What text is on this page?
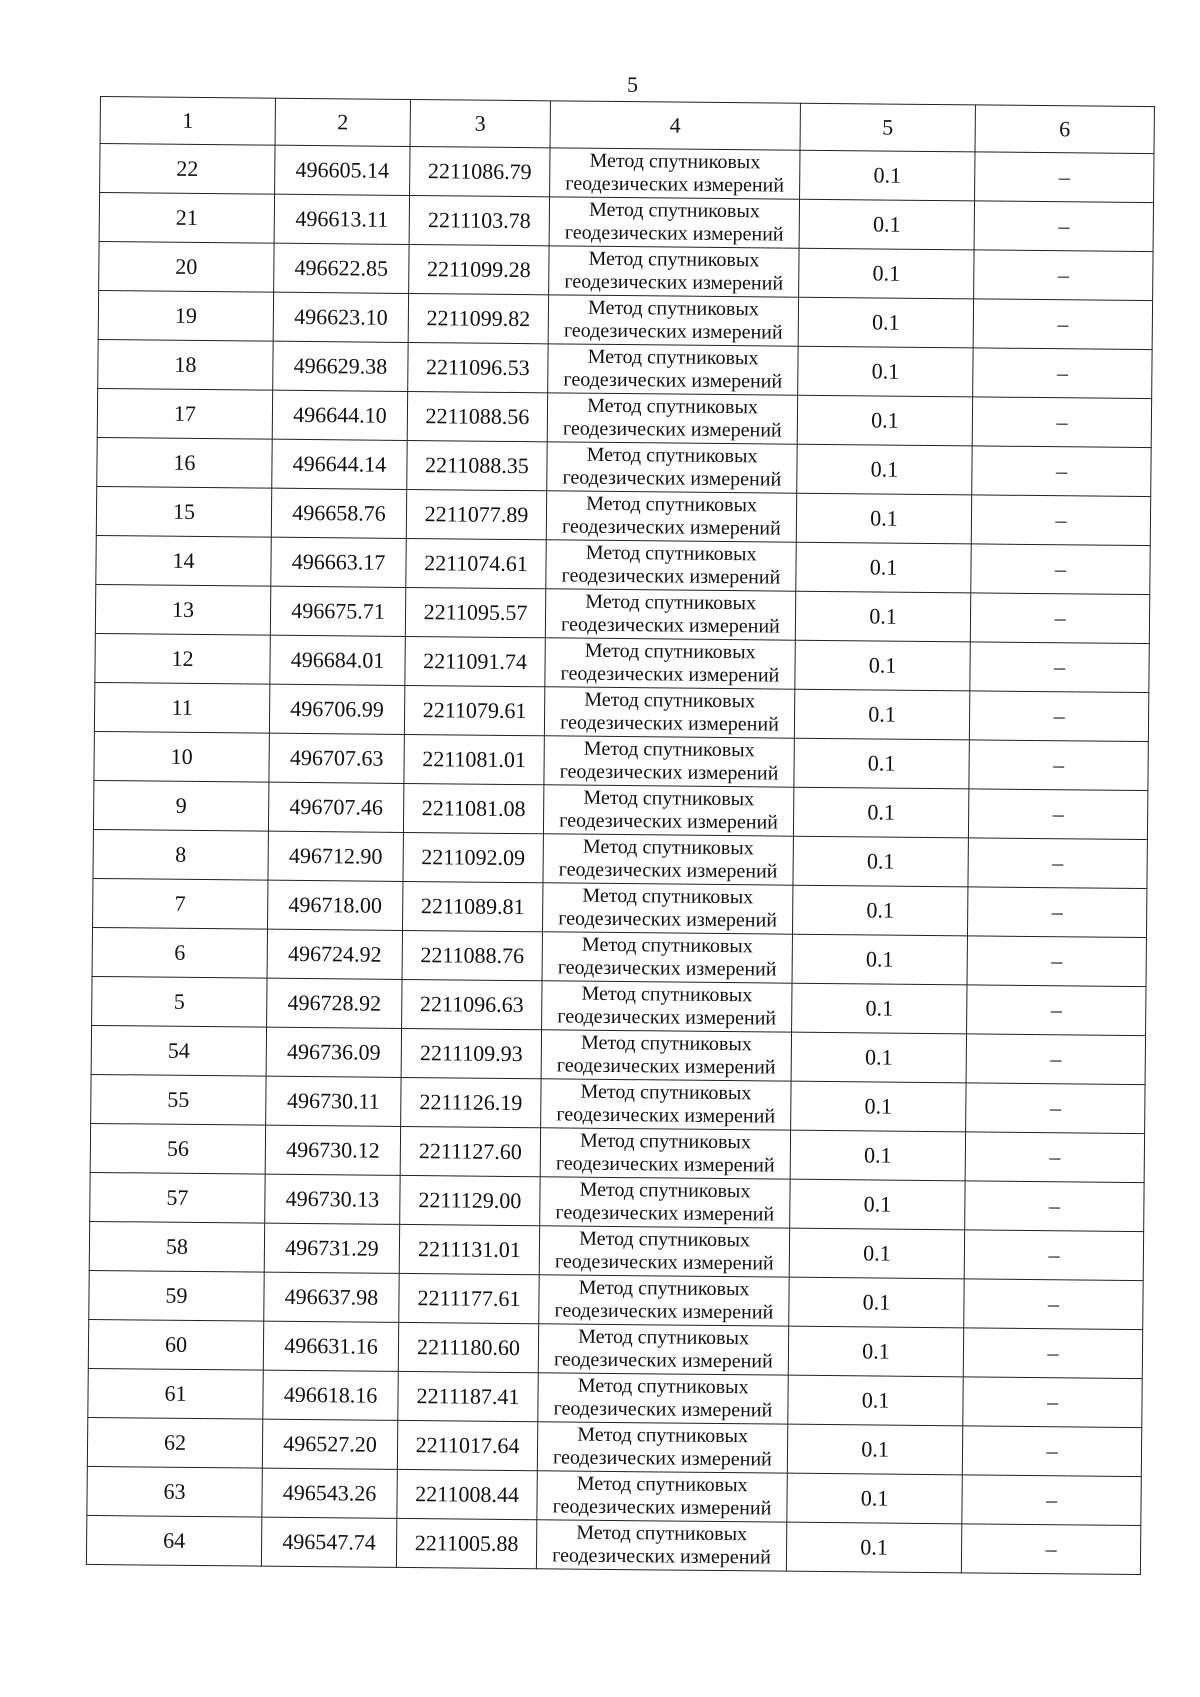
5
1	2	3	4	5	6
22	496605.14	2211086.79	Метод спутниковых
геодезических измерений	0.1	–
21	496613.11	2211103.78	Метод спутниковых
геодезических измерений	0.1	–
20	496622.85	2211099.28	Метод спутниковых
геодезических измерений	0.1	–
19	496623.10	2211099.82	Метод спутниковых
геодезических измерений	0.1	–
18	496629.38	2211096.53	Метод спутниковых
геодезических измерений	0.1	–
17	496644.10	2211088.56	Метод спутниковых
геодезических измерений	0.1	–
16	496644.14	2211088.35	Метод спутниковых
геодезических измерений	0.1	–
15	496658.76	2211077.89	Метод спутниковых
геодезических измерений	0.1	–
14	496663.17	2211074.61	Метод спутниковых
геодезических измерений	0.1	–
13	496675.71	2211095.57	Метод спутниковых
геодезических измерений	0.1	–
12	496684.01	2211091.74	Метод спутниковых
геодезических измерений	0.1	–
11	496706.99	2211079.61	Метод спутниковых
геодезических измерений	0.1	–
10	496707.63	2211081.01	Метод спутниковых
геодезических измерений	0.1	–
9	496707.46	2211081.08	Метод спутниковых
геодезических измерений	0.1	–
8	496712.90	2211092.09	Метод спутниковых
геодезических измерений	0.1	–
7	496718.00	2211089.81	Метод спутниковых
геодезических измерений	0.1	–
6	496724.92	2211088.76	Метод спутниковых
геодезических измерений	0.1	–
5	496728.92	2211096.63	Метод спутниковых
геодезических измерений	0.1	–
54	496736.09	2211109.93	Метод спутниковых
геодезических измерений	0.1	–
55	496730.11	2211126.19	Метод спутниковых
геодезических измерений	0.1	–
56	496730.12	2211127.60	Метод спутниковых
геодезических измерений	0.1	–
57	496730.13	2211129.00	Метод спутниковых
геодезических измерений	0.1	–
58	496731.29	2211131.01	Метод спутниковых
геодезических измерений	0.1	–
59	496637.98	2211177.61	Метод спутниковых
геодезических измерений	0.1	–
60	496631.16	2211180.60	Метод спутниковых
геодезических измерений	0.1	–
61	496618.16	2211187.41	Метод спутниковых
геодезических измерений	0.1	–
62	496527.20	2211017.64	Метод спутниковых
геодезических измерений	0.1	–
63	496543.26	2211008.44	Метод спутниковых
геодезических измерений	0.1	–
64	496547.74	2211005.88	Метод спутниковых
геодезических измерений	0.1	–
